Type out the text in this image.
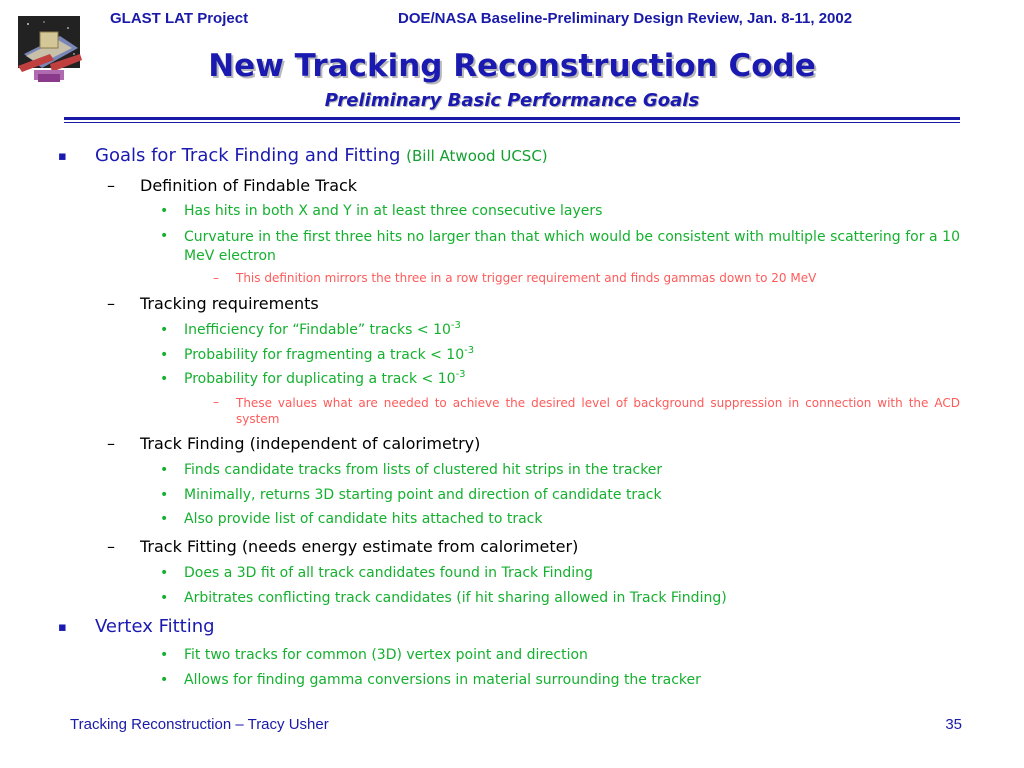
GLAST LAT Project	DOE/NASA Baseline-Preliminary Design Review, Jan. 8-11, 2002
New Tracking Reconstruction Code
Preliminary Basic Performance Goals
▪ Goals for Track Finding and Fitting (Bill Atwood UCSC)
– Definition of Findable Track
• Has hits in both X and Y in at least three consecutive layers
• Curvature in the first three hits no larger than that which would be consistent with multiple scattering for a 10 MeV electron
– This definition mirrors the three in a row trigger requirement and finds gammas down to 20 MeV
– Tracking requirements
• Inefficiency for “Findable” tracks < $10^{-3}$
• Probability for fragmenting a track < $10^{-3}$
• Probability for duplicating a track < $10^{-3}$
– These values what are needed to achieve the desired level of background suppression in connection with the ACD system
– Track Finding (independent of calorimetry)
• Finds candidate tracks from lists of clustered hit strips in the tracker
• Minimally, returns 3D starting point and direction of candidate track
• Also provide list of candidate hits attached to track
– Track Fitting (needs energy estimate from calorimeter)
• Does a 3D fit of all track candidates found in Track Finding
• Arbitrates conflicting track candidates (if hit sharing allowed in Track Finding)
▪ Vertex Fitting
• Fit two tracks for common (3D) vertex point and direction
• Allows for finding gamma conversions in material surrounding the tracker
Tracking Reconstruction – Tracy Usher	35
